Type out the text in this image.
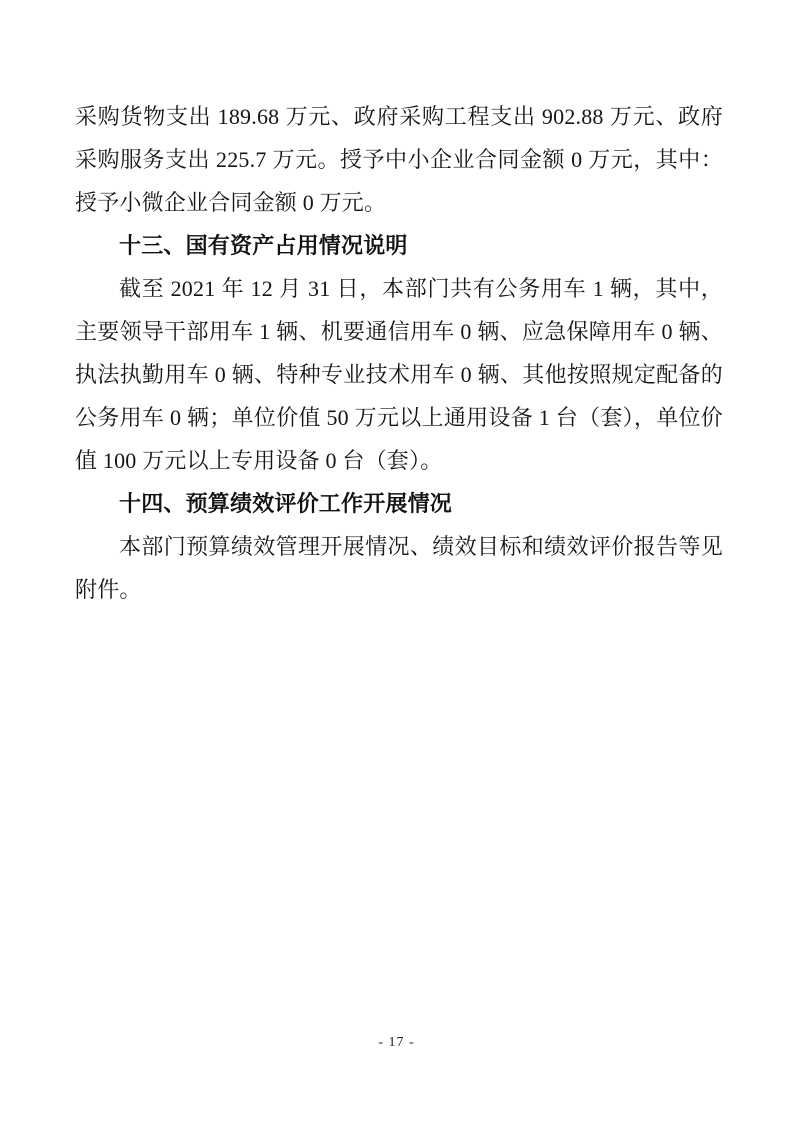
采购货物支出 189.68 万元、政府采购工程支出 902.88 万元、政府采购服务支出 225.7 万元。授予中小企业合同金额 0 万元，其中：授予小微企业合同金额 0 万元。

十三、国有资产占用情况说明

截至 2021 年 12 月 31 日，本部门共有公务用车 1 辆，其中，主要领导干部用车 1 辆、机要通信用车 0 辆、应急保障用车 0 辆、执法执勤用车 0 辆、特种专业技术用车 0 辆、其他按照规定配备的公务用车 0 辆；单位价值 50 万元以上通用设备 1 台（套），单位价值 100 万元以上专用设备 0 台（套）。

十四、预算绩效评价工作开展情况

本部门预算绩效管理开展情况、绩效目标和绩效评价报告等见附件。

- 17 -
